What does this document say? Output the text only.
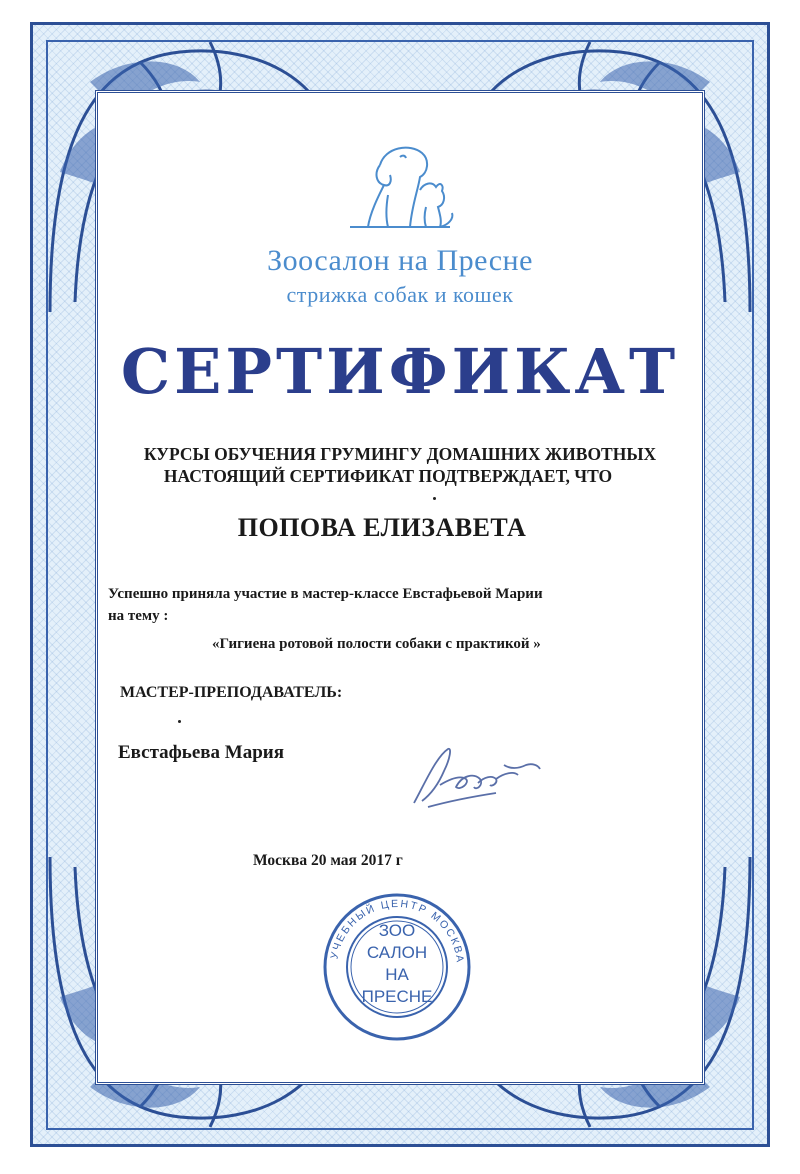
Зоосалон на Пресне
стрижка собак и кошек
СЕРТИФИКАТ
КУРСЫ ОБУЧЕНИЯ ГРУМИНГУ ДОМАШНИХ ЖИВОТНЫХ
НАСТОЯЩИЙ СЕРТИФИКАТ ПОДТВЕРЖДАЕТ, ЧТО
ПОПОВА ЕЛИЗАВЕТА
Успешно приняла участие в мастер-классе Евстафьевой Марии
на тему :
«Гигиена ротовой полости собаки с практикой »
МАСТЕР-ПРЕПОДАВАТЕЛЬ:
Евстафьева Мария
Москва 20 мая 2017 г
УЧЕБНЫЙ ЦЕНТР МОСКВА
ЗОО
САЛОН
НА
ПРЕСНЕ
